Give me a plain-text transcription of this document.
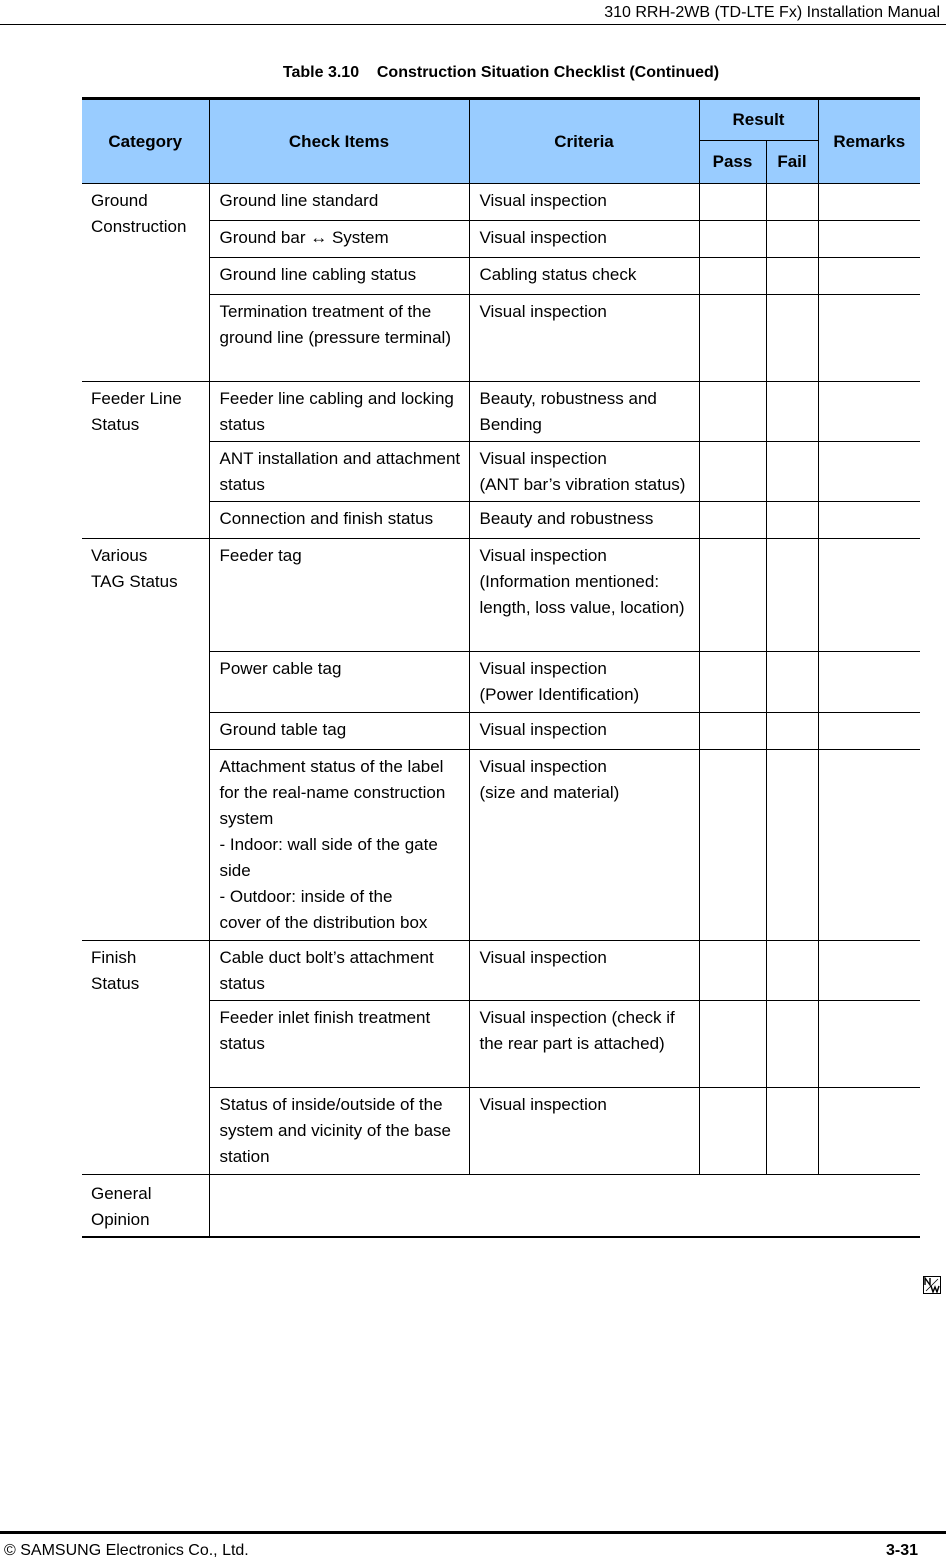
310 RRH-2WB (TD-LTE Fx) Installation Manual
Table 3.10    Construction Situation Checklist (Continued)
Category	Check Items	Criteria	Result		Remarks
			Pass	Fail	
Ground
Construction	Ground line standard	Visual inspection			
	Ground bar ↔ System	Visual inspection			
	Ground line cabling status	Cabling status check			
	Termination treatment of the ground line (pressure terminal)	Visual inspection			
Feeder Line
Status	Feeder line cabling and locking status	Beauty, robustness and Bending			
	ANT installation and attachment status	Visual inspection
(ANT bar’s vibration status)			
	Connection and finish status	Beauty and robustness			
Various
TAG Status	Feeder tag	Visual inspection
(Information mentioned: length, loss value, location)			
	Power cable tag	Visual inspection
(Power Identification)			
	Ground table tag	Visual inspection			
	Attachment status of the label for the real-name construction system
- Indoor: wall side of the gate
side
- Outdoor: inside of the
cover of the distribution box	Visual inspection
(size and material)			
Finish
Status	Cable duct bolt’s attachment status	Visual inspection			
	Feeder inlet finish treatment status	Visual inspection (check if the rear part is attached)			
	Status of inside/outside of the system and vicinity of the base station	Visual inspection			
General
Opinion					
© SAMSUNG Electronics Co., Ltd.	3-31
